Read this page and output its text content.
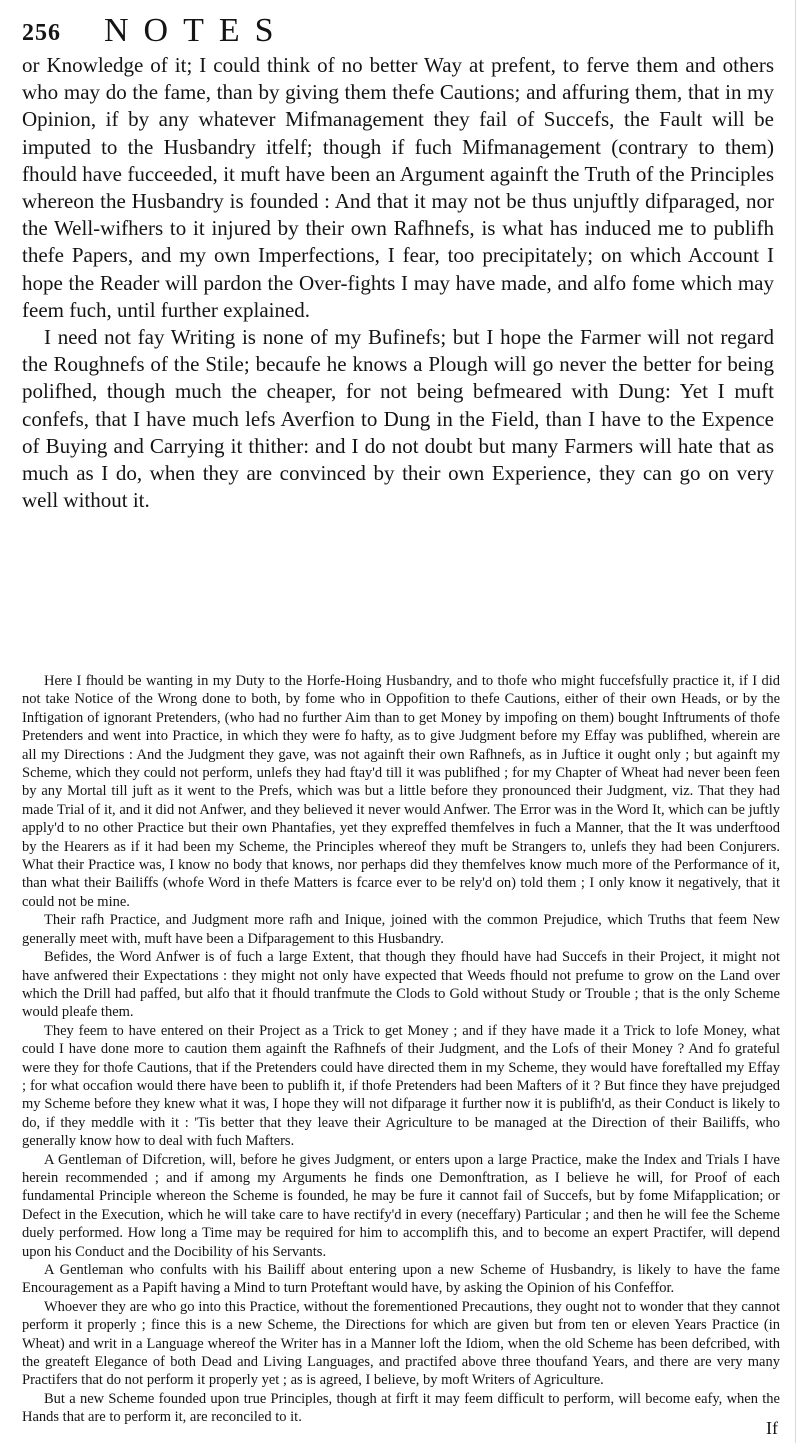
256 NOTES

or Knowledge of it; I could think of no better Way at prefent, to ferve them and others who may do the fame, than by giving them thefe Cautions; and affuring them, that in my Opinion, if by any whatever Mifmanagement they fail of Succefs, the Fault will be imputed to the Husbandry itfelf; though if fuch Mifmanagement (contrary to them) fhould have fucceeded, it muft have been an Argument againft the Truth of the Principles whereon the Husbandry is founded : And that it may not be thus unjuftly difparaged, nor the Well-wifhers to it injured by their own Rafhnefs, is what has induced me to publifh thefe Papers, and my own Imperfections, I fear, too precipitately; on which Account I hope the Reader will pardon the Over-fights I may have made, and alfo fome which may feem fuch, until further explained.

I need not fay Writing is none of my Bufinefs; but I hope the Farmer will not regard the Roughnefs of the Stile; becaufe he knows a Plough will go never the better for being polifhed, though much the cheaper, for not being befmeared with Dung: Yet I muft confefs, that I have much lefs Averfion to Dung in the Field, than I have to the Expence of Buying and Carrying it thither: and I do not doubt but many Farmers will hate that as much as I do, when they are convinced by their own Experience, they can go on very well without it.

Here I fhould be wanting in my Duty to the Horfe-Hoing Husbandry, and to thofe who might fuccefsfully practice it, if I did not take Notice of the Wrong done to both, by fome who in Oppofition to thefe Cautions, either of their own Heads, or by the Inftigation of ignorant Pretenders, (who had no further Aim than to get Money by impofing on them) bought Inftruments of thofe Pretenders and went into Practice, in which they were fo hafty, as to give Judgment before my Effay was publifhed, wherein are all my Directions : And the Judgment they gave, was not againft their own Rafhnefs, as in Juftice it ought only ; but againft my Scheme, which they could not perform, unlefs they had ftay'd till it was publifhed ; for my Chapter of Wheat had never been feen by any Mortal till juft as it went to the Prefs, which was but a little before they pronounced their Judgment, viz. That they had made Trial of it, and it did not Anfwer, and they believed it never would Anfwer. The Error was in the Word It, which can be juftly apply'd to no other Practice but their own Phantafies, yet they expreffed themfelves in fuch a Manner, that the It was underftood by the Hearers as if it had been my Scheme, the Principles whereof they muft be Strangers to, unlefs they had been Conjurers. What their Practice was, I know no body that knows, nor perhaps did they themfelves know much more of the Performance of it, than what their Bailiffs (whofe Word in thefe Matters is fcarce ever to be rely'd on) told them ; I only know it negatively, that it could not be mine.

Their rafh Practice, and Judgment more rafh and Inique, joined with the common Prejudice, which Truths that feem New generally meet with, muft have been a Difparagement to this Husbandry.

Befides, the Word Anfwer is of fuch a large Extent, that though they fhould have had Succefs in their Project, it might not have anfwered their Expectations : they might not only have expected that Weeds fhould not prefume to grow on the Land over which the Drill had paffed, but alfo that it fhould tranfmute the Clods to Gold without Study or Trouble ; that is the only Scheme would pleafe them.

They feem to have entered on their Project as a Trick to get Money ; and if they have made it a Trick to lofe Money, what could I have done more to caution them againft the Rafhnefs of their Judgment, and the Lofs of their Money ? And fo grateful were they for thofe Cautions, that if the Pretenders could have directed them in my Scheme, they would have foreftalled my Effay ; for what occafion would there have been to publifh it, if thofe Pretenders had been Mafters of it ? But fince they have prejudged my Scheme before they knew what it was, I hope they will not difparage it further now it is publifh'd, as their Conduct is likely to do, if they meddle with it : 'Tis better that they leave their Agriculture to be managed at the Direction of their Bailiffs, who generally know how to deal with fuch Mafters.

A Gentleman of Difcretion, will, before he gives Judgment, or enters upon a large Practice, make the Index and Trials I have herein recommended ; and if among my Arguments he finds one Demonftration, as I believe he will, for Proof of each fundamental Principle whereon the Scheme is founded, he may be fure it cannot fail of Succefs, but by fome Mifapplication; or Defect in the Execution, which he will take care to have rectify'd in every (neceffary) Particular ; and then he will fee the Scheme duely performed. How long a Time may be required for him to accomplifh this, and to become an expert Practifer, will depend upon his Conduct and the Docibility of his Servants.

A Gentleman who confults with his Bailiff about entering upon a new Scheme of Husbandry, is likely to have the fame Encouragement as a Papift having a Mind to turn Proteftant would have, by asking the Opinion of his Confeffor.

Whoever they are who go into this Practice, without the forementioned Precautions, they ought not to wonder that they cannot perform it properly ; fince this is a new Scheme, the Directions for which are given but from ten or eleven Years Practice (in Wheat) and writ in a Language whereof the Writer has in a Manner loft the Idiom, when the old Scheme has been defcribed, with the greateft Elegance of both Dead and Living Languages, and practifed above three thoufand Years, and there are very many Practifers that do not perform it properly yet ; as is agreed, I believe, by moft Writers of Agriculture.

But a new Scheme founded upon true Principles, though at firft it may feem difficult to perform, will become eafy, when the Hands that are to perform it, are reconciled to it.

If
